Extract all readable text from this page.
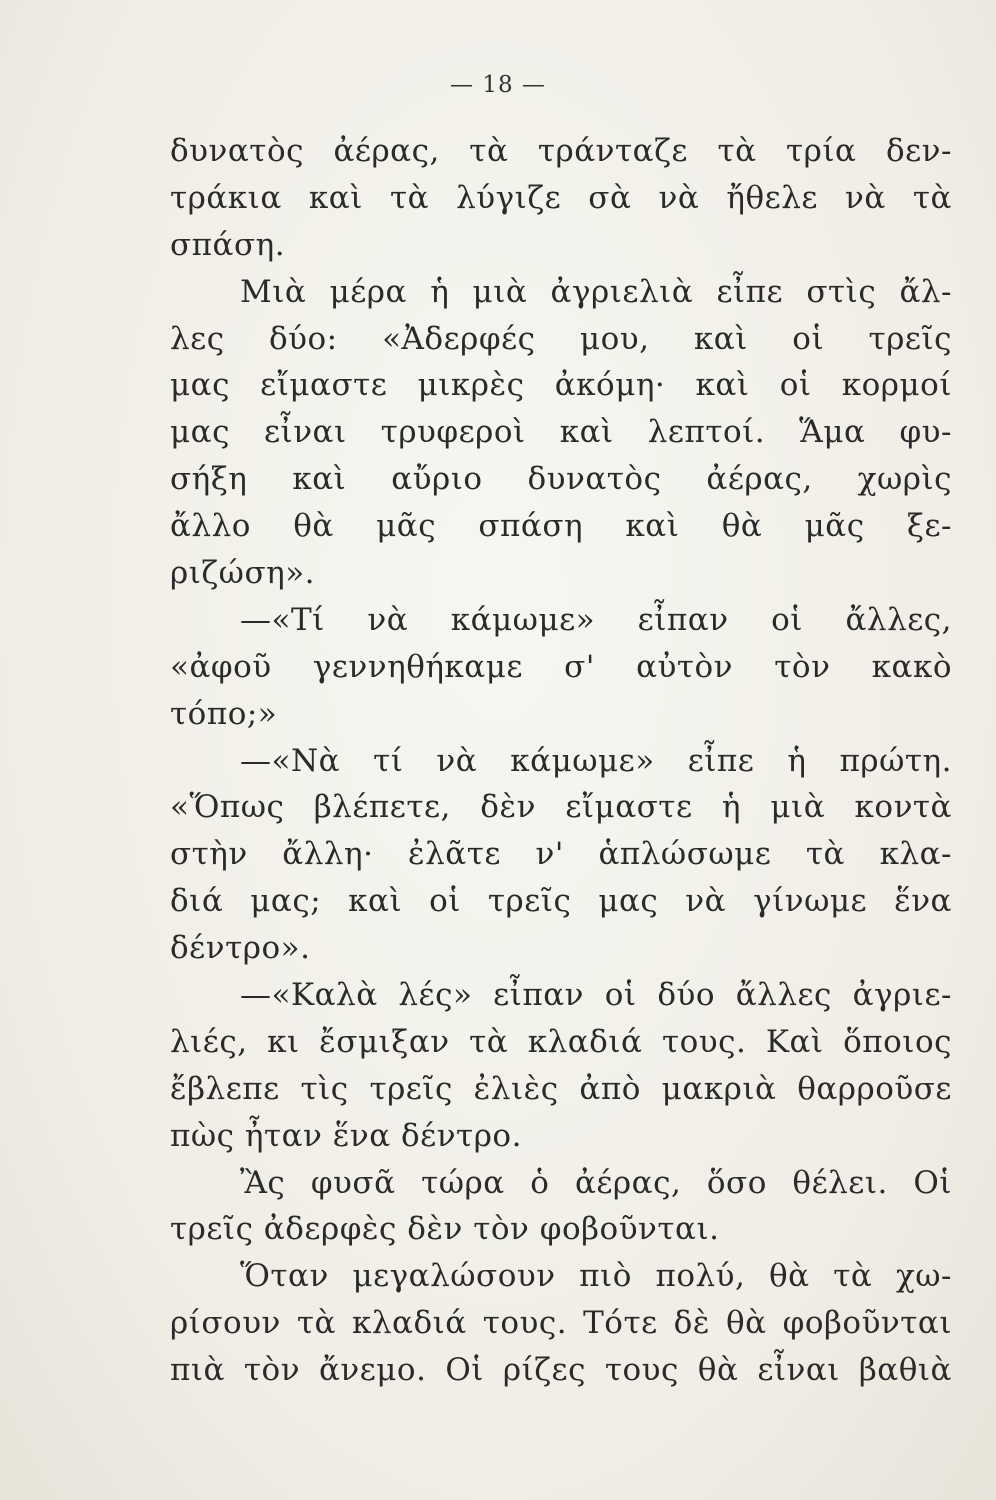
— 18 —
δυνατὸς ἀέρας, τὰ τράνταζε τὰ τρία δεν-
τράκια καὶ τὰ λύγιζε σὰ νὰ ἤθελε νὰ τὰ
σπάση.
Μιὰ μέρα ἡ μιὰ ἀγριελιὰ εἶπε στὶς ἄλ-
λες δύο: «Ἀδερφές μου, καὶ οἱ τρεῖς
μας εἴμαστε μικρὲς ἀκόμη· καὶ οἱ κορμοί
μας εἶναι τρυφεροὶ καὶ λεπτοί. Ἅμα φυ-
σήξη καὶ αὔριο δυνατὸς ἀέρας, χωρὶς
ἄλλο θὰ μᾶς σπάση καὶ θὰ μᾶς ξε-
ριζώση».
—«Τί νὰ κάμωμε» εἶπαν οἱ ἄλλες,
«ἀφοῦ γεννηθήκαμε σ' αὐτὸν τὸν κακὸ
τόπο;»
—«Νὰ τί νὰ κάμωμε» εἶπε ἡ πρώτη.
«Ὅπως βλέπετε, δὲν εἴμαστε ἡ μιὰ κοντὰ
στὴν ἄλλη· ἐλᾶτε ν' ἁπλώσωμε τὰ κλα-
διά μας; καὶ οἱ τρεῖς μας νὰ γίνωμε ἕνα
δέντρο».
—«Καλὰ λές» εἶπαν οἱ δύο ἄλλες ἀγριε-
λιές, κι ἔσμιξαν τὰ κλαδιά τους. Καὶ ὅποιος
ἔβλεπε τὶς τρεῖς ἐλιὲς ἀπὸ μακριὰ θαρροῦσε
πὼς ἦταν ἕνα δέντρο.
Ἂς φυσᾶ τώρα ὁ ἀέρας, ὅσο θέλει. Οἱ
τρεῖς ἀδερφὲς δὲν τὸν φοβοῦνται.
Ὅταν μεγαλώσουν πιὸ πολύ, θὰ τὰ χω-
ρίσουν τὰ κλαδιά τους. Τότε δὲ θὰ φοβοῦνται
πιὰ τὸν ἄνεμο. Οἱ ρίζες τους θὰ εἶναι βαθιὰ
